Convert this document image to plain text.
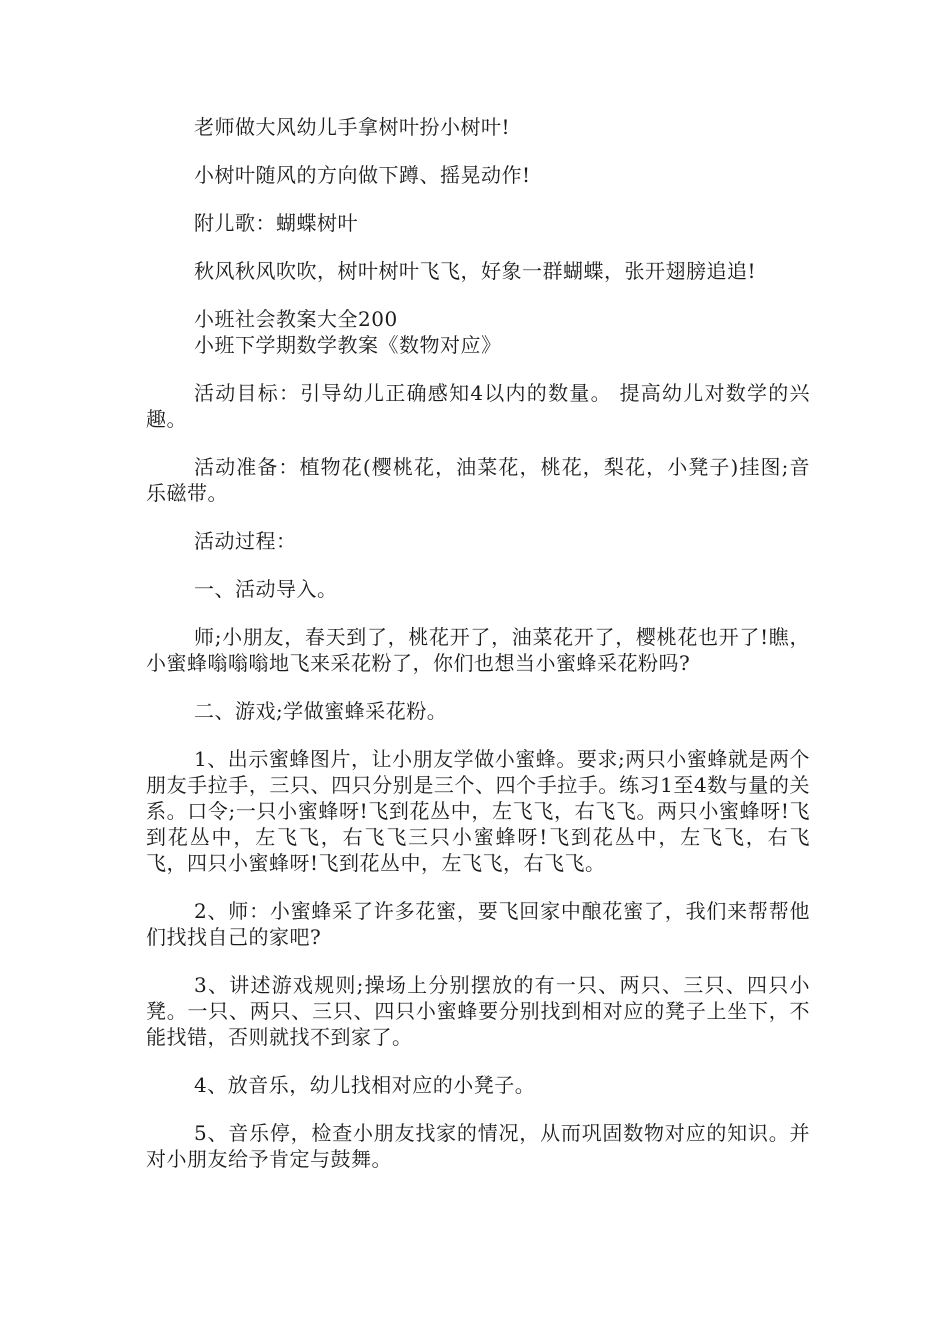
老师做大风幼儿手拿树叶扮小树叶!

小树叶随风的方向做下蹲、摇晃动作!

附儿歌：蝴蝶树叶

秋风秋风吹吹，树叶树叶飞飞，好象一群蝴蝶，张开翅膀追追!

小班社会教案大全200

小班下学期数学教案《数物对应》

活动目标：引导幼儿正确感知4以内的数量。 提高幼儿对数学的兴趣。

活动准备：植物花(樱桃花，油菜花，桃花，梨花，小凳子)挂图;音乐磁带。

活动过程：

一、活动导入。

师;小朋友，春天到了，桃花开了，油菜花开了，樱桃花也开了!瞧，小蜜蜂嗡嗡嗡地飞来采花粉了，你们也想当小蜜蜂采花粉吗?

二、游戏;学做蜜蜂采花粉。

1、出示蜜蜂图片，让小朋友学做小蜜蜂。要求;两只小蜜蜂就是两个朋友手拉手，三只、四只分别是三个、四个手拉手。练习1至4数与量的关系。口令;一只小蜜蜂呀!飞到花丛中，左飞飞，右飞飞。两只小蜜蜂呀!飞到花丛中，左飞飞，右飞飞三只小蜜蜂呀!飞到花丛中，左飞飞，右飞飞，四只小蜜蜂呀!飞到花丛中，左飞飞，右飞飞。

2、师：小蜜蜂采了许多花蜜，要飞回家中酿花蜜了，我们来帮帮他们找找自己的家吧?

3、讲述游戏规则;操场上分别摆放的有一只、两只、三只、四只小凳。一只、两只、三只、四只小蜜蜂要分别找到相对应的凳子上坐下，不能找错，否则就找不到家了。

4、放音乐，幼儿找相对应的小凳子。

5、音乐停，检查小朋友找家的情况，从而巩固数物对应的知识。并对小朋友给予肯定与鼓舞。
